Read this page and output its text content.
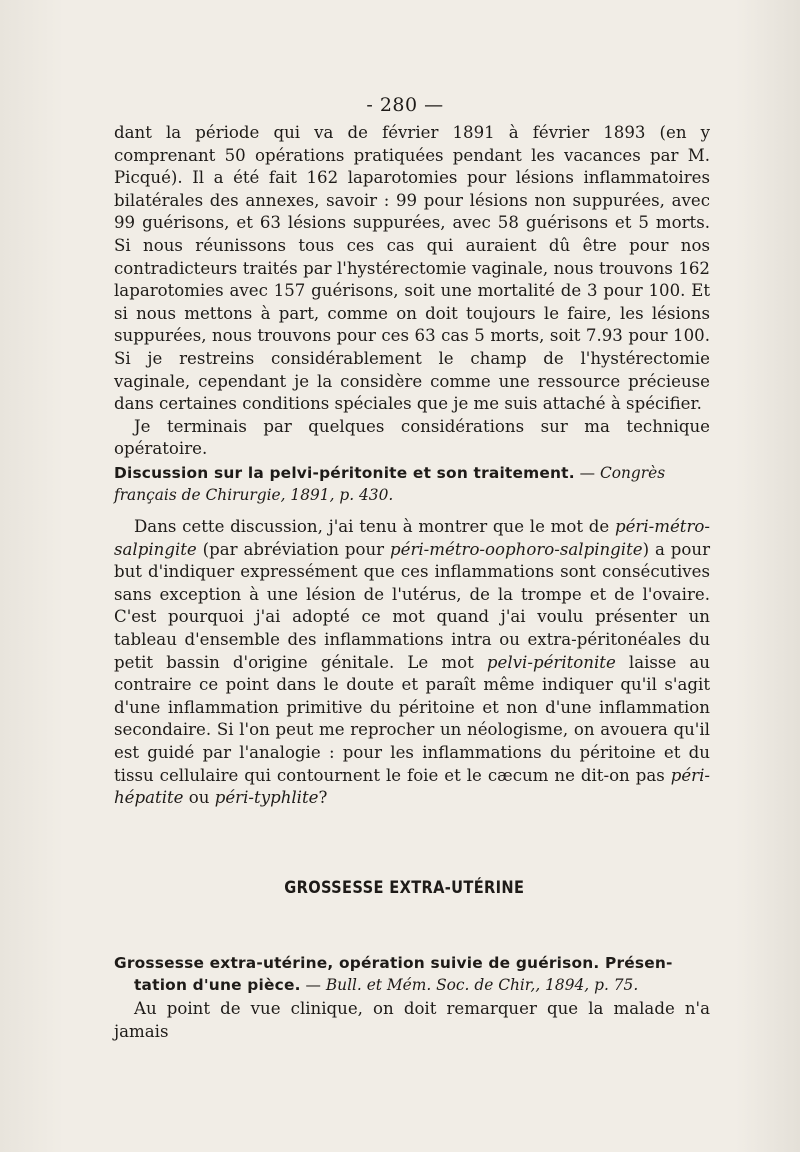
- 280 —
dant la période qui va de février 1891 à février 1893 (en y comprenant 50 opérations pratiquées pendant les vacances par M. Picqué). Il a été fait 162 laparotomies pour lésions inflammatoires bilatérales des annexes, savoir : 99 pour lésions non suppurées, avec 99 guérisons, et 63 lésions suppurées, avec 58 guérisons et 5 morts. Si nous réunissons tous ces cas qui auraient dû être pour nos contradicteurs traités par l'hystérectomie vaginale, nous trouvons 162 laparotomies avec 157 guérisons, soit une mortalité de 3 pour 100. Et si nous mettons à part, comme on doit toujours le faire, les lésions suppurées, nous trouvons pour ces 63 cas 5 morts, soit 7.93 pour 100. Si je restreins considérablement le champ de l'hystérectomie vaginale, cependant je la considère comme une ressource précieuse dans certaines conditions spéciales que je me suis attaché à spécifier.
Je terminais par quelques considérations sur ma technique opératoire.
Discussion sur la pelvi-péritonite et son traitement. — Congrès français de Chirurgie, 1891, p. 430.
Dans cette discussion, j'ai tenu à montrer que le mot de péri-métro-salpingite (par abréviation pour péri-métro-oophoro-salpingite) a pour but d'indiquer expressément que ces inflammations sont consécutives sans exception à une lésion de l'utérus, de la trompe et de l'ovaire. C'est pourquoi j'ai adopté ce mot quand j'ai voulu présenter un tableau d'ensemble des inflammations intra ou extra-péritonéales du petit bassin d'origine génitale. Le mot pelvi-péritonite laisse au contraire ce point dans le doute et paraît même indiquer qu'il s'agit d'une inflammation primitive du péritoine et non d'une inflammation secondaire. Si l'on peut me reprocher un néologisme, on avouera qu'il est guidé par l'analogie : pour les inflammations du péritoine et du tissu cellulaire qui contournent le foie et le cæcum ne dit-on pas péri-hépatite ou péri-typhlite?
GROSSESSE EXTRA-UTÉRINE
Grossesse extra-utérine, opération suivie de guérison. Présen-
tation d'une pièce. — Bull. et Mém. Soc. de Chir,, 1894, p. 75.
Au point de vue clinique, on doit remarquer que la malade n'a jamais
